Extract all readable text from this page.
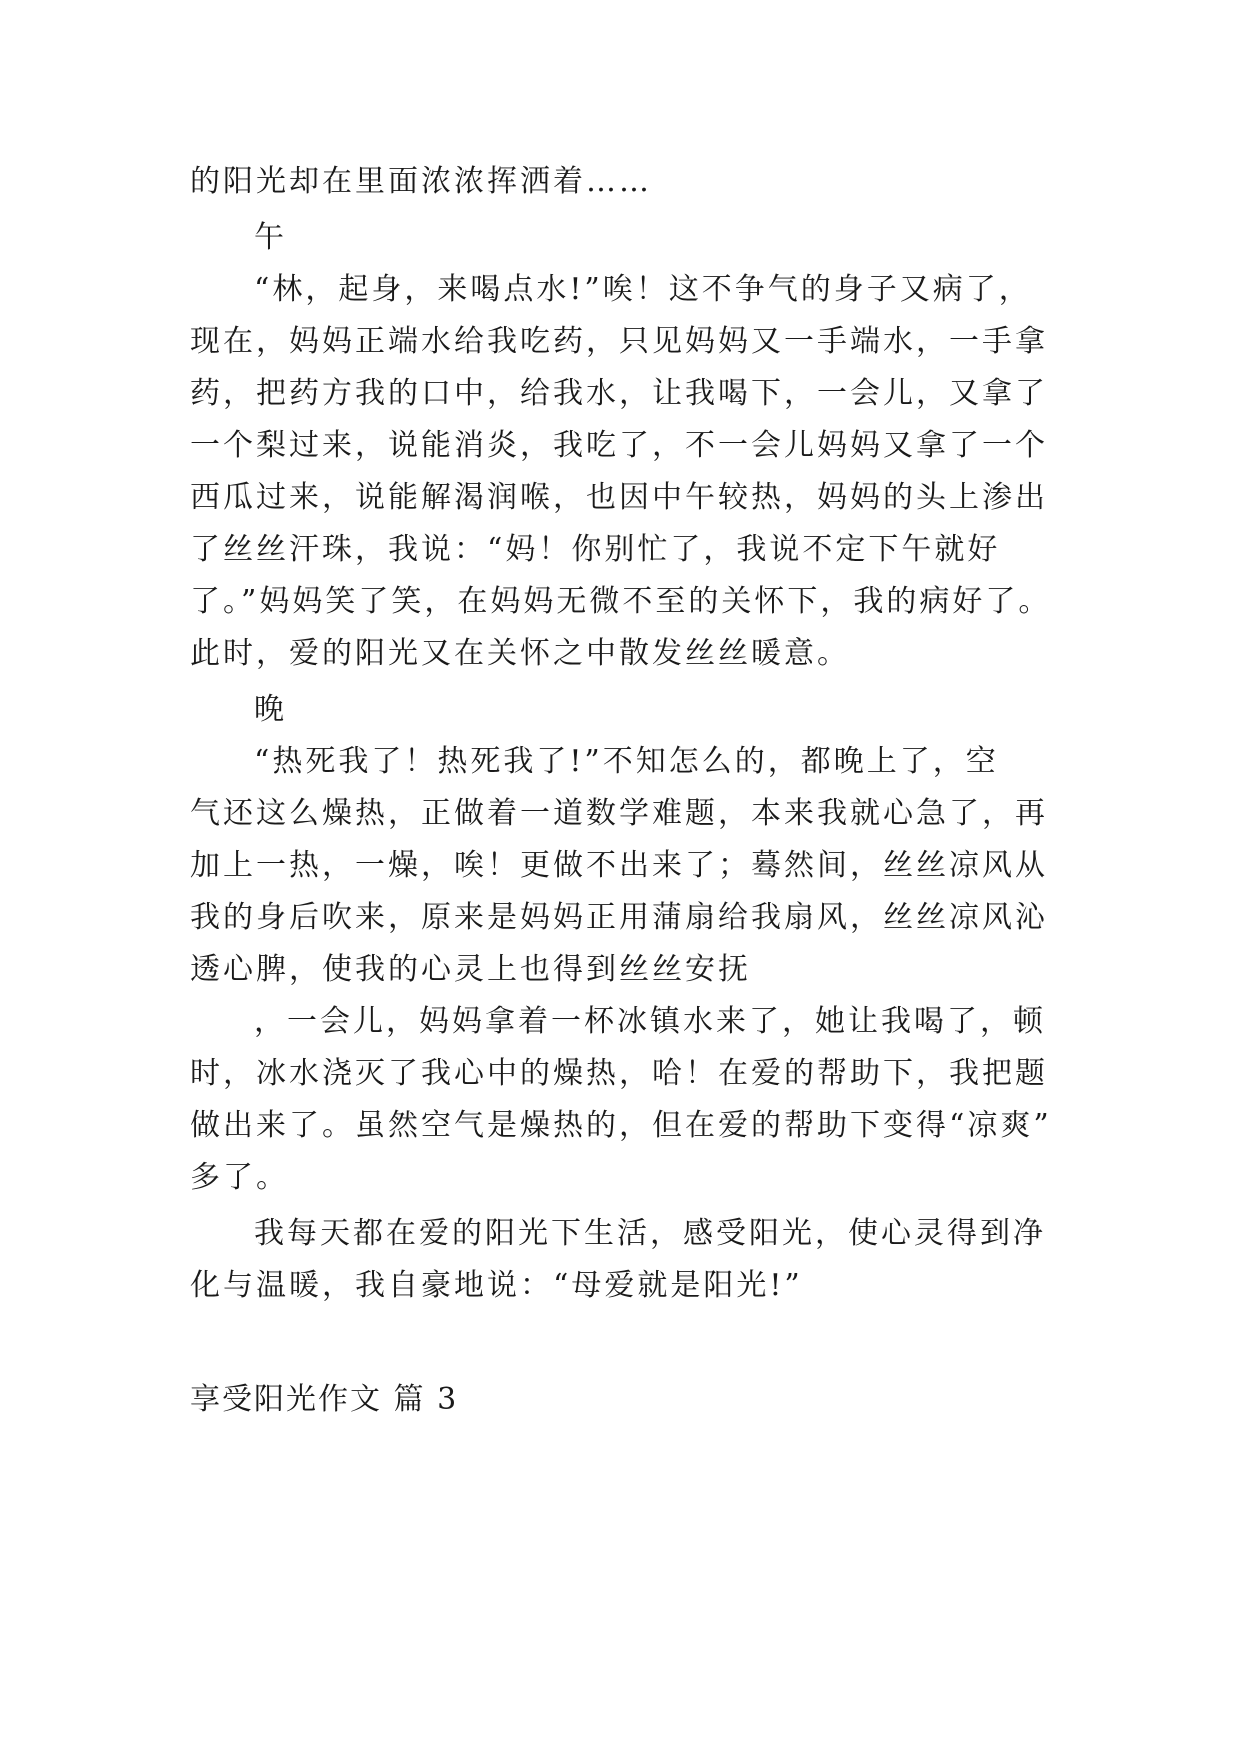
的阳光却在里面浓浓挥洒着……
午
“林，起身，来喝点水!”唉！这不争气的身子又病了，
现在，妈妈正端水给我吃药，只见妈妈又一手端水，一手拿
药，把药方我的口中，给我水，让我喝下，一会儿，又拿了
一个梨过来，说能消炎，我吃了，不一会儿妈妈又拿了一个
西瓜过来，说能解渴润喉，也因中午较热，妈妈的头上渗出
了丝丝汗珠，我说：“妈！你别忙了，我说不定下午就好
了。”妈妈笑了笑，在妈妈无微不至的关怀下，我的病好了。
此时，爱的阳光又在关怀之中散发丝丝暖意。
晚
“热死我了！热死我了!”不知怎么的，都晚上了，空
气还这么燥热，正做着一道数学难题，本来我就心急了，再
加上一热，一燥，唉！更做不出来了；蓦然间，丝丝凉风从
我的身后吹来，原来是妈妈正用蒲扇给我扇风，丝丝凉风沁
透心脾，使我的心灵上也得到丝丝安抚
，一会儿，妈妈拿着一杯冰镇水来了，她让我喝了，顿
时，冰水浇灭了我心中的燥热，哈！在爱的帮助下，我把题
做出来了。虽然空气是燥热的，但在爱的帮助下变得“凉爽”
多了。
我每天都在爱的阳光下生活，感受阳光，使心灵得到净
化与温暖，我自豪地说：“母爱就是阳光!”
享受阳光作文 篇 3
